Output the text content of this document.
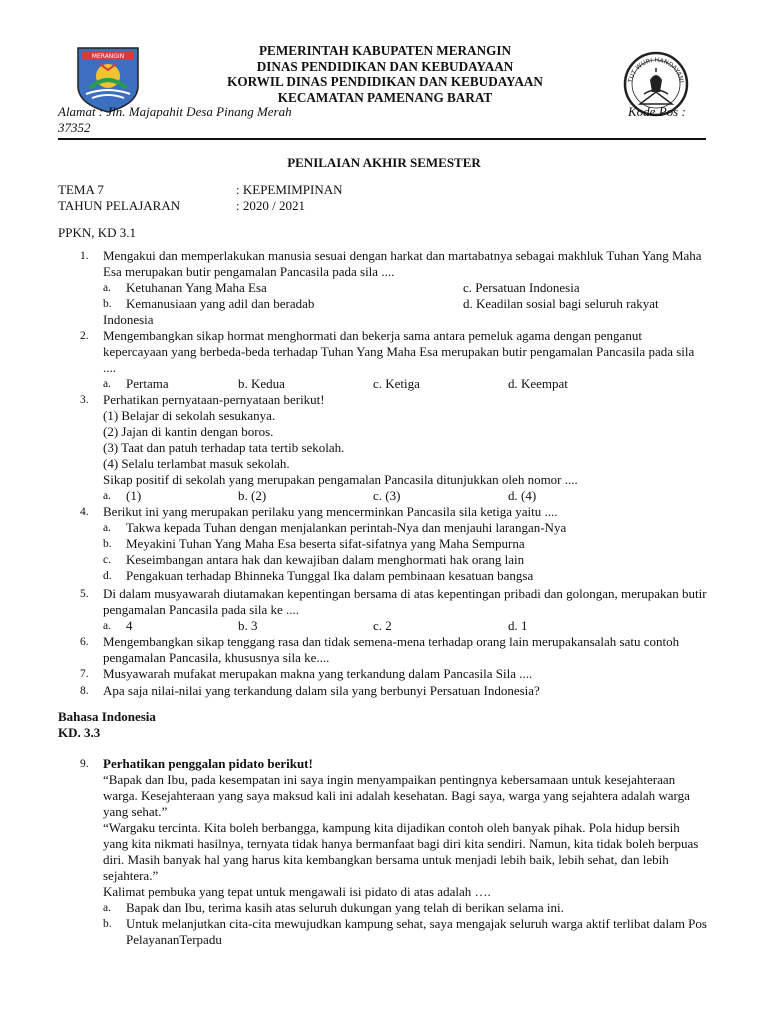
MERANGIN	PEMERINTAH KABUPATEN MERANGIN
DINAS PENDIDIKAN DAN KEBUDAYAAN
KORWIL DINAS PENDIDIKAN DAN KEBUDAYAAN
KECAMATAN PAMENANG BARAT
TUT WURI HANDAYANI
Alamat : Jln. Majapahit Desa Pinang Merah	Kode Pos :
37352
PENILAIAN AKHIR SEMESTER
TEMA 7	: KEPEMIMPINAN
TAHUN PELAJARAN	: 2020 / 2021
PPKN, KD 3.1
1. Mengakui dan memperlakukan manusia sesuai dengan harkat dan martabatnya sebagai makhluk Tuhan Yang Maha Esa merupakan butir pengamalan Pancasila pada sila ....
a. Ketuhanan Yang Maha Esa	c. Persatuan Indonesia
b. Kemanusiaan yang adil dan beradab	d. Keadilan sosial bagi seluruh rakyat
Indonesia
2. Mengembangkan sikap hormat menghormati dan bekerja sama antara pemeluk agama dengan penganut kepercayaan yang berbeda-beda terhadap Tuhan Yang Maha Esa merupakan butir pengamalan Pancasila pada sila ....
a. Pertama	b. Kedua	c. Ketiga	d. Keempat
3. Perhatikan pernyataan-pernyataan berikut!
(1) Belajar di sekolah sesukanya.
(2) Jajan di kantin dengan boros.
(3) Taat dan patuh terhadap tata tertib sekolah.
(4) Selalu terlambat masuk sekolah.
Sikap positif di sekolah yang merupakan pengamalan Pancasila ditunjukkan oleh nomor ....
a. (1)	b. (2)	c. (3)	d. (4)
4. Berikut ini yang merupakan perilaku yang mencerminkan Pancasila sila ketiga yaitu ....
a. Takwa kepada Tuhan dengan menjalankan perintah-Nya dan menjauhi larangan-Nya
b. Meyakini Tuhan Yang Maha Esa beserta sifat-sifatnya yang Maha Sempurna
c. Keseimbangan antara hak dan kewajiban dalam menghormati hak orang lain
d. Pengakuan terhadap Bhinneka Tunggal Ika dalam pembinaan kesatuan bangsa
5. Di dalam musyawarah diutamakan kepentingan bersama di atas kepentingan pribadi dan golongan, merupakan butir pengamalan Pancasila pada sila ke ....
a. 4	b. 3	c. 2	d. 1
6. Mengembangkan sikap tenggang rasa dan tidak semena-mena terhadap orang lain merupakansalah satu contoh pengamalan Pancasila, khususnya sila ke....
7. Musyawarah mufakat merupakan makna yang terkandung dalam Pancasila Sila ....
8. Apa saja nilai-nilai yang terkandung dalam sila yang berbunyi Persatuan Indonesia?
Bahasa Indonesia
KD. 3.3
9. Perhatikan penggalan pidato berikut!
“Bapak dan Ibu, pada kesempatan ini saya ingin menyampaikan pentingnya kebersamaan untuk kesejahteraan warga. Kesejahteraan yang saya maksud kali ini adalah kesehatan. Bagi saya, warga yang sejahtera adalah warga yang sehat.”
“Wargaku tercinta. Kita boleh berbangga, kampung kita dijadikan contoh oleh banyak pihak. Pola hidup bersih yang kita nikmati hasilnya, ternyata tidak hanya bermanfaat bagi diri kita sendiri. Namun, kita tidak boleh berpuas diri. Masih banyak hal yang harus kita kembangkan bersama untuk menjadi lebih baik, lebih sehat, dan lebih sejahtera.”
Kalimat pembuka yang tepat untuk mengawali isi pidato di atas adalah ….
a. Bapak dan Ibu, terima kasih atas seluruh dukungan yang telah di berikan selama ini.
b. Untuk melanjutkan cita-cita mewujudkan kampung sehat, saya mengajak seluruh warga aktif terlibat dalam Pos PelayananTerpadu
